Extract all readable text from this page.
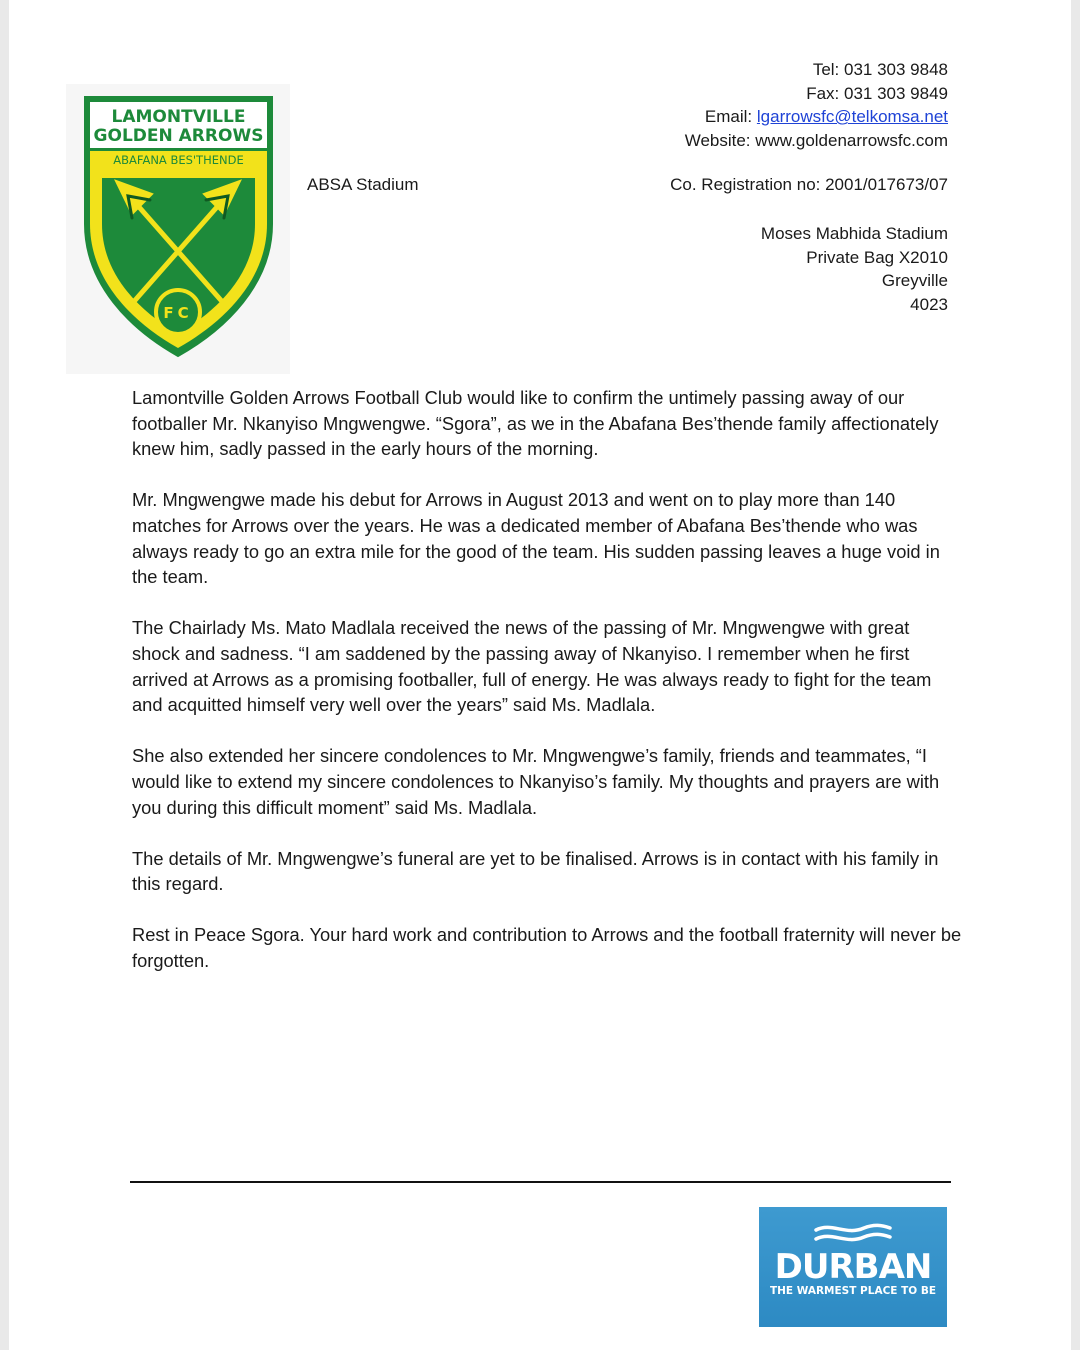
LAMONTVILLE
GOLDEN ARROWS
ABAFANA BES'THENDE
FC
ABSA Stadium
Tel: 031 303 9848
Fax: 031 303 9849
Email: lgarrowsfc@telkomsa.net
Website: www.goldenarrowsfc.com
Co. Registration no: 2001/017673/07
Moses Mabhida Stadium
Private Bag X2010
Greyville
4023

Lamontville Golden Arrows Football Club would like to confirm the untimely passing away of our footballer Mr. Nkanyiso Mngwengwe. “Sgora”, as we in the Abafana Bes’thende family affectionately knew him, sadly passed in the early hours of the morning.

Mr. Mngwengwe made his debut for Arrows in August 2013 and went on to play more than 140 matches for Arrows over the years. He was a dedicated member of Abafana Bes’thende who was always ready to go an extra mile for the good of the team. His sudden passing leaves a huge void in the team.

The Chairlady Ms. Mato Madlala received the news of the passing of Mr. Mngwengwe with great shock and sadness. “I am saddened by the passing away of Nkanyiso. I remember when he first arrived at Arrows as a promising footballer, full of energy. He was always ready to fight for the team and acquitted himself very well over the years” said Ms. Madlala.

She also extended her sincere condolences to Mr. Mngwengwe’s family, friends and teammates, “I would like to extend my sincere condolences to Nkanyiso’s family. My thoughts and prayers are with you during this difficult moment” said Ms. Madlala.

The details of Mr. Mngwengwe’s funeral are yet to be finalised. Arrows is in contact with his family in this regard.

Rest in Peace Sgora. Your hard work and contribution to Arrows and the football fraternity will never be forgotten.

DURBAN
THE WARMEST PLACE TO BE
